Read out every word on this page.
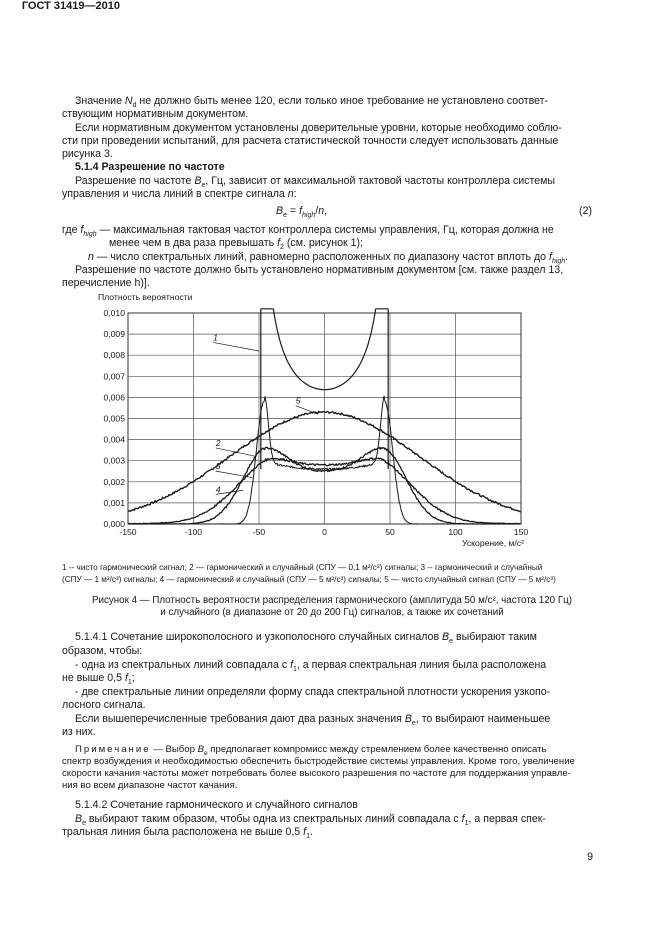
ГОСТ 31419—2010
Значение $N_d$ не должно быть менее 120, если только иное требование не установлено соответ-
ствующим нормативным документом.
Если нормативным документом установлены доверительные уровни, которые необходимо соблю-
сти при проведении испытаний, для расчета статистической точности следует использовать данные
рисунка 3.
5.1.4 Разрешение по частоте
Разрешение по частоте $B_e$, Гц, зависит от максимальной тактовой частоты контроллера системы
управления и числа линий в спектре сигнала n:
$B_e = f_{high}/n$,	(2)
где $f_{high}$ — максимальная тактовая частот контроллера системы управления, Гц, которая должна не
менее чем в два раза превышать $f_2$ (см. рисунок 1);
n — число спектральных линий, равномерно расположенных по диапазону частот вплоть до $f_{high}$.
Разрешение по частоте должно быть установлено нормативным документом [см. также раздел 13,
перечисление h)].
-150	-100	-50	0	50	100	150
0,000
0,001
0,002
0,003
0,004
0,005
0,006
0,007
0,008
0,009
0,010
1
2
3
4
5
Плотность вероятности
Ускорение, м/с²
1 -- чисто гармонический сигнал; 2 — гармонический и случайный (СПУ — 0,1 м²/с³) сигналы; 3 -- гармонический и случайный
(СПУ — 1 м²/с³) сигналы; 4 — гармонический и случайный (СПУ — 5 м²/с³) сигналы; 5 — чисто случайный сигнал (СПУ — 5 м²/с³)
Рисунок 4 — Плотность вероятности распределения гармонического (амплитуда 50 м/с², частота 120 Гц)
и случайного (в диапазоне от 20 до 200 Гц) сигналов, а также их сочетаний
5.1.4.1 Сочетание широкополосного и узкополосного случайных сигналов $B_e$ выбирают таким
образом, чтобы:
- одна из спектральных линий совпадала с $f_1$, а первая спектральная линия была расположена
не выше 0,5 $f_1$;
- две спектральные линии определяли форму спада спектральной плотности ускорения узкопо-
лосного сигнала.
Если вышеперечисленные требования дают два разных значения $B_e$, то выбирают наименьшее
из них.
Примечание — Выбор $B_e$ предполагает компромисс между стремлением более качественно описать
спектр возбуждения и необходимостью обеспечить быстродействие системы управления. Кроме того, увеличение
скорости качания частоты может потребовать более высокого разрешения по частоте для поддержания управле-
ния во всем диапазоне частот качания.
5.1.4.2 Сочетание гармонического и случайного сигналов
$B_e$ выбирают таким образом, чтобы одна из спектральных линий совпадала с $f_1$, а первая спек-
тральная линия была расположена не выше 0,5 $f_1$.
9
